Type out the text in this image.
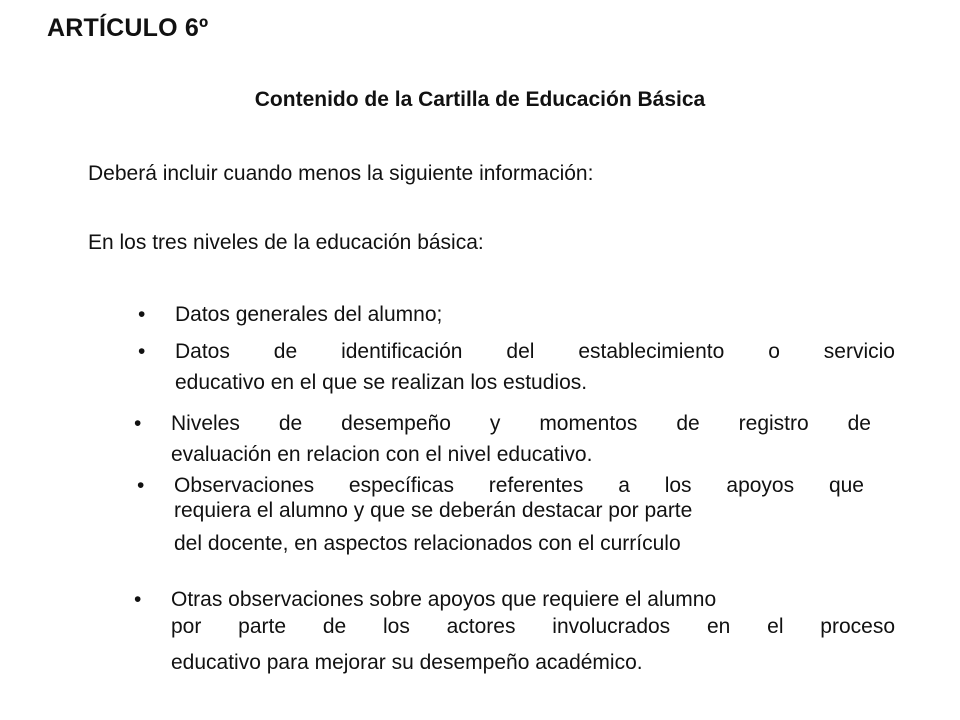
ARTÍCULO 6º
Contenido de la Cartilla de Educación Básica
Deberá incluir cuando menos la siguiente información:
En los tres niveles de la educación básica:
• Datos generales del alumno;
• Datos de identificación del establecimiento o servicio
educativo en el que se realizan los estudios.
• Niveles de desempeño y momentos de registro de
evaluación en relacion con el nivel educativo.
• Observaciones específicas referentes a los apoyos que
requiera el alumno y que se deberán destacar por parte
del docente, en aspectos relacionados con el currículo
• Otras observaciones sobre apoyos que requiere el alumno
por parte de los actores involucrados en el proceso
educativo para mejorar su desempeño académico.
